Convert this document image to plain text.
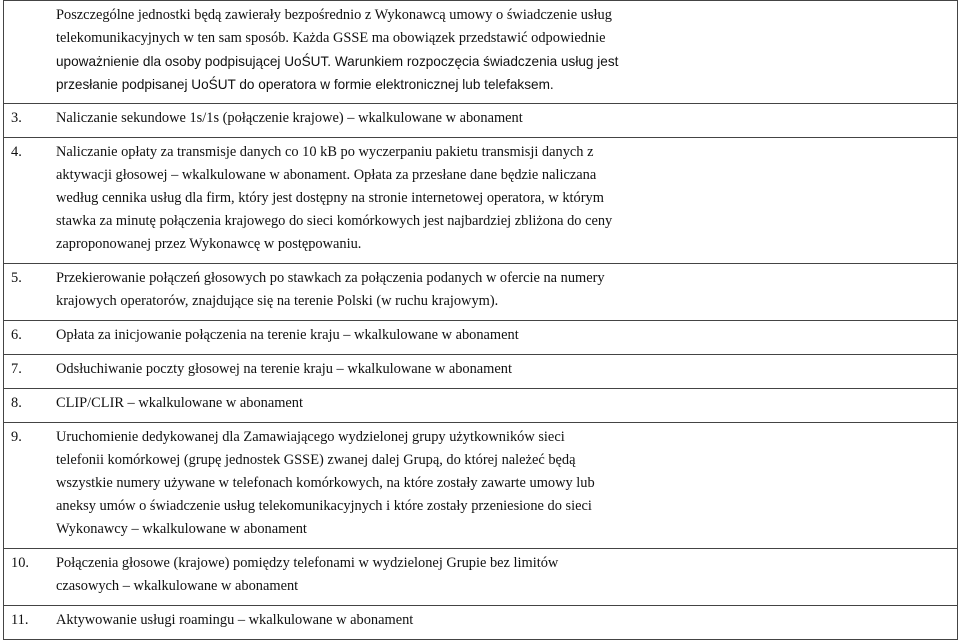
Poszczególne jednostki będą zawierały bezpośrednio z Wykonawcą umowy o świadczenie usług
telekomunikacyjnych w ten sam sposób. Każda GSSE ma obowiązek przedstawić odpowiednie
upoważnienie dla osoby podpisującej UoŚUT. Warunkiem rozpoczęcia świadczenia usług jest
przesłanie podpisanej UoŚUT do operatora w formie elektronicznej lub telefaksem.

3. Naliczanie sekundowe 1s/1s (połączenie krajowe) – wkalkulowane w abonament

4. Naliczanie opłaty za transmisje danych co 10 kB po wyczerpaniu pakietu transmisji danych z
aktywacji głosowej – wkalkulowane w abonament. Opłata za przesłane dane będzie naliczana
według cennika usług dla firm, który jest dostępny na stronie internetowej operatora, w którym
stawka za minutę połączenia krajowego do sieci komórkowych jest najbardziej zbliżona do ceny
zaproponowanej przez Wykonawcę w postępowaniu.

5. Przekierowanie połączeń głosowych po stawkach za połączenia podanych w ofercie na numery
krajowych operatorów, znajdujące się na terenie Polski (w ruchu krajowym).

6. Opłata za inicjowanie połączenia na terenie kraju – wkalkulowane w abonament

7. Odsłuchiwanie poczty głosowej na terenie kraju – wkalkulowane w abonament

8. CLIP/CLIR – wkalkulowane w abonament

9. Uruchomienie dedykowanej dla Zamawiającego wydzielonej grupy użytkowników sieci
telefonii komórkowej (grupę jednostek GSSE) zwanej dalej Grupą, do której należeć będą
wszystkie numery używane w telefonach komórkowych, na które zostały zawarte umowy lub
aneksy umów o świadczenie usług telekomunikacyjnych i które zostały przeniesione do sieci
Wykonawcy – wkalkulowane w abonament

10. Połączenia głosowe (krajowe) pomiędzy telefonami w wydzielonej Grupie bez limitów
czasowych – wkalkulowane w abonament

11. Aktywowanie usługi roamingu – wkalkulowane w abonament
